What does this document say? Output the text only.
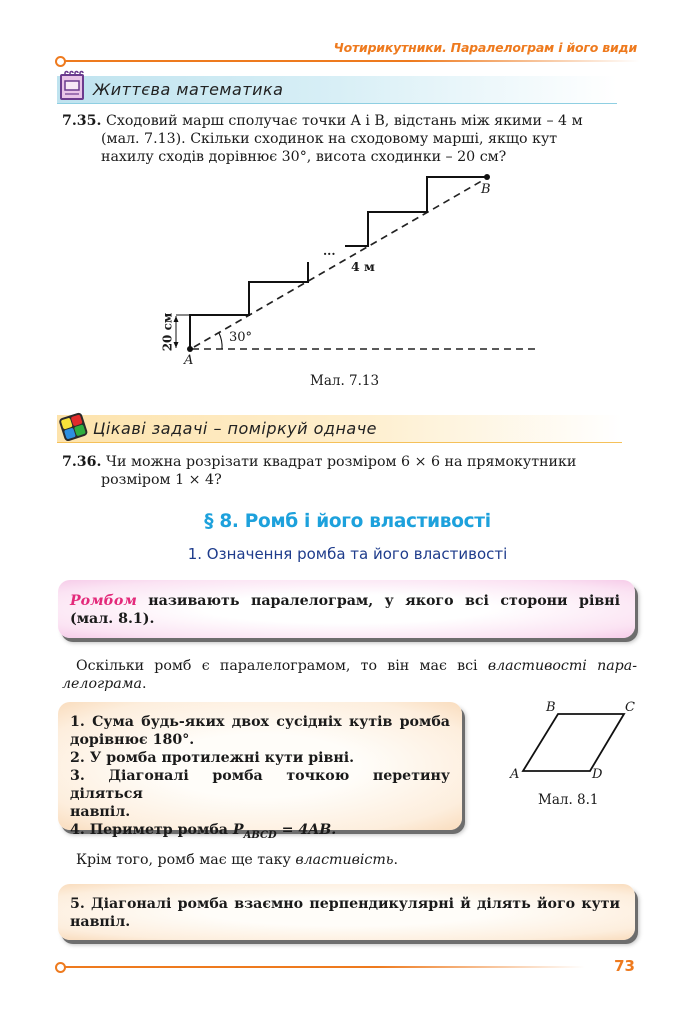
Чотирикутники. Паралелограм і його види
Життєва математика
7.35. Сходовий марш сполучає точки A і B, відстань між якими – 4 м
(мал. 7.13). Скільки сходинок на сходовому марші, якщо кут
нахилу сходів дорівнює 30°, висота сходинки – 20 см?
20 см
A
B
30°
4 м
...
Мал. 7.13
Цікаві задачі – поміркуй одначе
7.36. Чи можна розрізати квадрат розміром 6 × 6 на прямокутники
розміром 1 × 4?
§ 8. Ромб і його властивості
1. Означення ромба та його властивості
Ромбом називають паралелограм, у якого всі сторони рівні
(мал. 8.1).
Оскільки ромб є паралелограмом, то він має всі властивості пара-
лелограма.
1. Сума будь-яких двох сусідніх кутів ромба
дорівнює 180°.
2. У ромба протилежні кути рівні.
3. Діагоналі ромба точкою перетину діляться
навпіл.
4. Периметр ромба $P_{ABCD} = 4AB$.
B	C
A	D
Мал. 8.1
Крім того, ромб має ще таку властивість.
5. Діагоналі ромба взаємно перпендикулярні й ділять його кути
навпіл.
73
